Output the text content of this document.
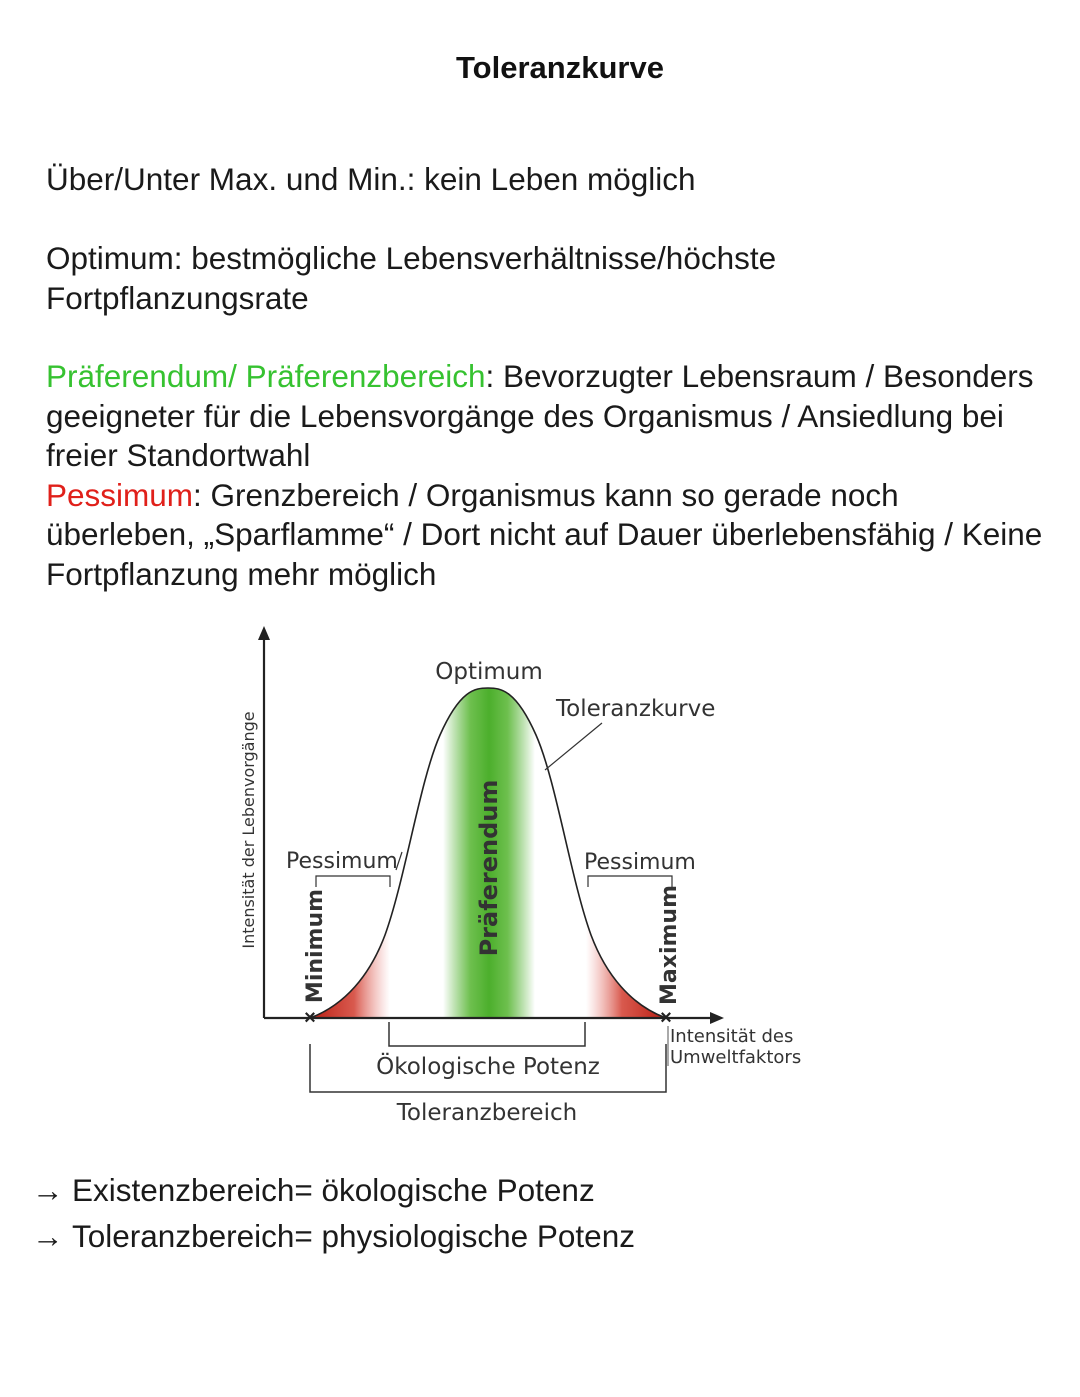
Toleranzkurve

Über/Unter Max. und Min.: kein Leben möglich

Optimum: bestmögliche Lebensverhältnisse/höchste Fortpflanzungsrate

Präferendum/ Präferenzbereich: Bevorzugter Lebensraum / Besonders geeigneter für die Lebensvorgänge des Organismus / Ansiedlung bei freier Standortwahl
Pessimum: Grenzbereich / Organismus kann so gerade noch überleben, „Sparflamme“ / Dort nicht auf Dauer überlebensfähig / Keine Fortpflanzung mehr möglich

×	×
Intensität der Lebenvorgänge
Intensität des
Umweltfaktors
Optimum
Toleranzkurve
Pessimum	Pessimum
Minimum	Maximum
Präferendum
Ökologische Potenz
Toleranzbereich
→ Existenzbereich= ökologische Potenz
→ Toleranzbereich= physiologische Potenz
